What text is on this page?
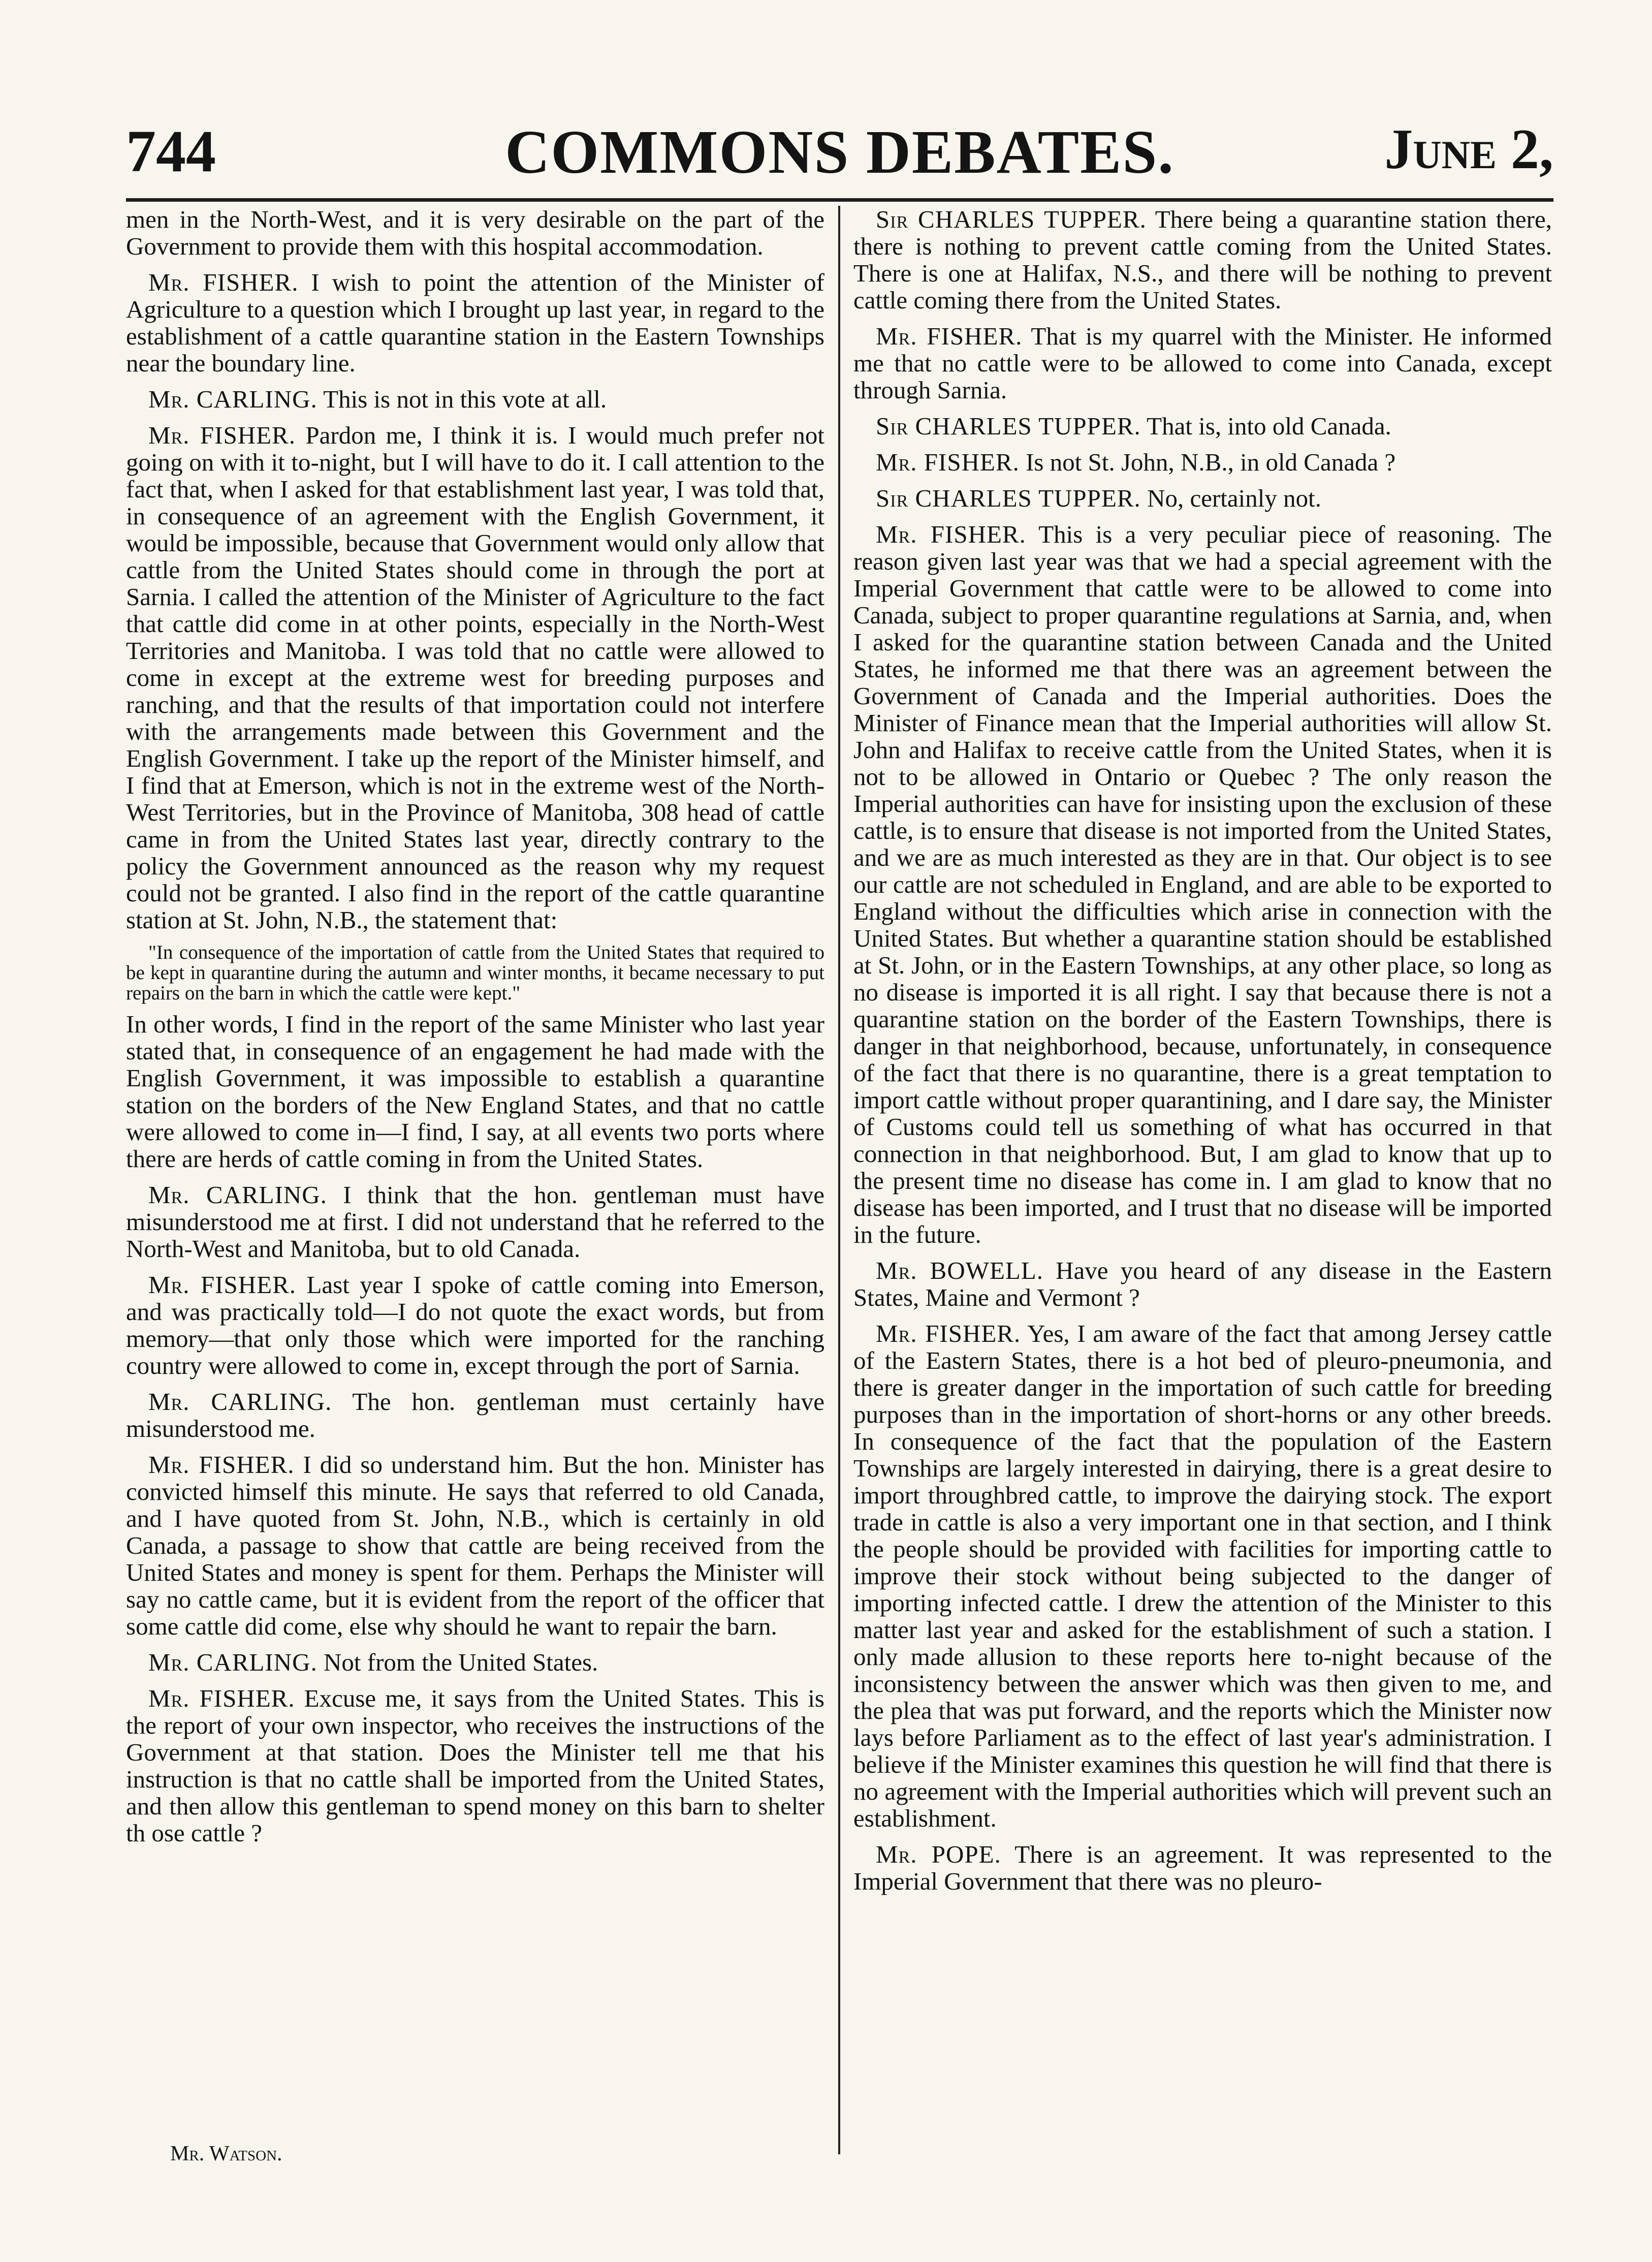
744	COMMONS DEBATES.	June 2,

men in the North-West, and it is very desirable on the part of the Government to provide them with this hospital accommodation.

Mr. FISHER. I wish to point the attention of the Minister of Agriculture to a question which I brought up last year, in regard to the establishment of a cattle quarantine station in the Eastern Townships near the boundary line.

Mr. CARLING. This is not in this vote at all.

Mr. FISHER. Pardon me, I think it is. I would much prefer not going on with it to-night, but I will have to do it. I call attention to the fact that, when I asked for that establishment last year, I was told that, in consequence of an agreement with the English Government, it would be impossible, because that Government would only allow that cattle from the United States should come in through the port at Sarnia. I called the attention of the Minister of Agriculture to the fact that cattle did come in at other points, especially in the North-West Territories and Manitoba. I was told that no cattle were allowed to come in except at the extreme west for breeding purposes and ranching, and that the results of that importation could not interfere with the arrangements made between this Government and the English Government. I take up the report of the Minister himself, and I find that at Emerson, which is not in the extreme west of the North-West Territories, but in the Province of Manitoba, 308 head of cattle came in from the United States last year, directly contrary to the policy the Government announced as the reason why my request could not be granted. I also find in the report of the cattle quarantine station at St. John, N.B., the statement that:

"In consequence of the importation of cattle from the United States that required to be kept in quarantine during the autumn and winter months, it became necessary to put repairs on the barn in which the cattle were kept."

In other words, I find in the report of the same Minister who last year stated that, in consequence of an engagement he had made with the English Government, it was impossible to establish a quarantine station on the borders of the New England States, and that no cattle were allowed to come in—I find, I say, at all events two ports where there are herds of cattle coming in from the United States.

Mr. CARLING. I think that the hon. gentleman must have misunderstood me at first. I did not understand that he referred to the North-West and Manitoba, but to old Canada.

Mr. FISHER. Last year I spoke of cattle coming into Emerson, and was practically told—I do not quote the exact words, but from memory—that only those which were imported for the ranching country were allowed to come in, except through the port of Sarnia.

Mr. CARLING. The hon. gentleman must certainly have misunderstood me.

Mr. FISHER. I did so understand him. But the hon. Minister has convicted himself this minute. He says that referred to old Canada, and I have quoted from St. John, N.B., which is certainly in old Canada, a passage to show that cattle are being received from the United States and money is spent for them. Perhaps the Minister will say no cattle came, but it is evident from the report of the officer that some cattle did come, else why should he want to repair the barn.

Mr. CARLING. Not from the United States.

Mr. FISHER. Excuse me, it says from the United States. This is the report of your own inspector, who receives the instructions of the Government at that station. Does the Minister tell me that his instruction is that no cattle shall be imported from the United States, and then allow this gentleman to spend money on this barn to shelter th ose cattle ?

Sir CHARLES TUPPER. There being a quarantine station there, there is nothing to prevent cattle coming from the United States. There is one at Halifax, N.S., and there will be nothing to prevent cattle coming there from the United States.

Mr. FISHER. That is my quarrel with the Minister. He informed me that no cattle were to be allowed to come into Canada, except through Sarnia.

Sir CHARLES TUPPER. That is, into old Canada.

Mr. FISHER. Is not St. John, N.B., in old Canada ?

Sir CHARLES TUPPER. No, certainly not.

Mr. FISHER. This is a very peculiar piece of reasoning. The reason given last year was that we had a special agreement with the Imperial Government that cattle were to be allowed to come into Canada, subject to proper quarantine regulations at Sarnia, and, when I asked for the quarantine station between Canada and the United States, he informed me that there was an agreement between the Government of Canada and the Imperial authorities. Does the Minister of Finance mean that the Imperial authorities will allow St. John and Halifax to receive cattle from the United States, when it is not to be allowed in Ontario or Quebec ? The only reason the Imperial authorities can have for insisting upon the exclusion of these cattle, is to ensure that disease is not imported from the United States, and we are as much interested as they are in that. Our object is to see our cattle are not scheduled in England, and are able to be exported to England without the difficulties which arise in connection with the United States. But whether a quarantine station should be established at St. John, or in the Eastern Townships, at any other place, so long as no disease is imported it is all right. I say that because there is not a quarantine station on the border of the Eastern Townships, there is danger in that neighborhood, because, unfortunately, in consequence of the fact that there is no quarantine, there is a great temptation to import cattle without proper quarantining, and I dare say, the Minister of Customs could tell us something of what has occurred in that connection in that neighborhood. But, I am glad to know that up to the present time no disease has come in. I am glad to know that no disease has been imported, and I trust that no disease will be imported in the future.

Mr. BOWELL. Have you heard of any disease in the Eastern States, Maine and Vermont ?

Mr. FISHER. Yes, I am aware of the fact that among Jersey cattle of the Eastern States, there is a hot bed of pleuro-pneumonia, and there is greater danger in the importation of such cattle for breeding purposes than in the importation of short-horns or any other breeds. In consequence of the fact that the population of the Eastern Townships are largely interested in dairying, there is a great desire to import throughbred cattle, to improve the dairying stock. The export trade in cattle is also a very important one in that section, and I think the people should be provided with facilities for importing cattle to improve their stock without being subjected to the danger of importing infected cattle. I drew the attention of the Minister to this matter last year and asked for the establishment of such a station. I only made allusion to these reports here to-night because of the inconsistency between the answer which was then given to me, and the plea that was put forward, and the reports which the Minister now lays before Parliament as to the effect of last year's administration. I believe if the Minister examines this question he will find that there is no agreement with the Imperial authorities which will prevent such an establishment.

Mr. POPE. There is an agreement. It was represented to the Imperial Government that there was no pleuro-

Mr. Watson.
